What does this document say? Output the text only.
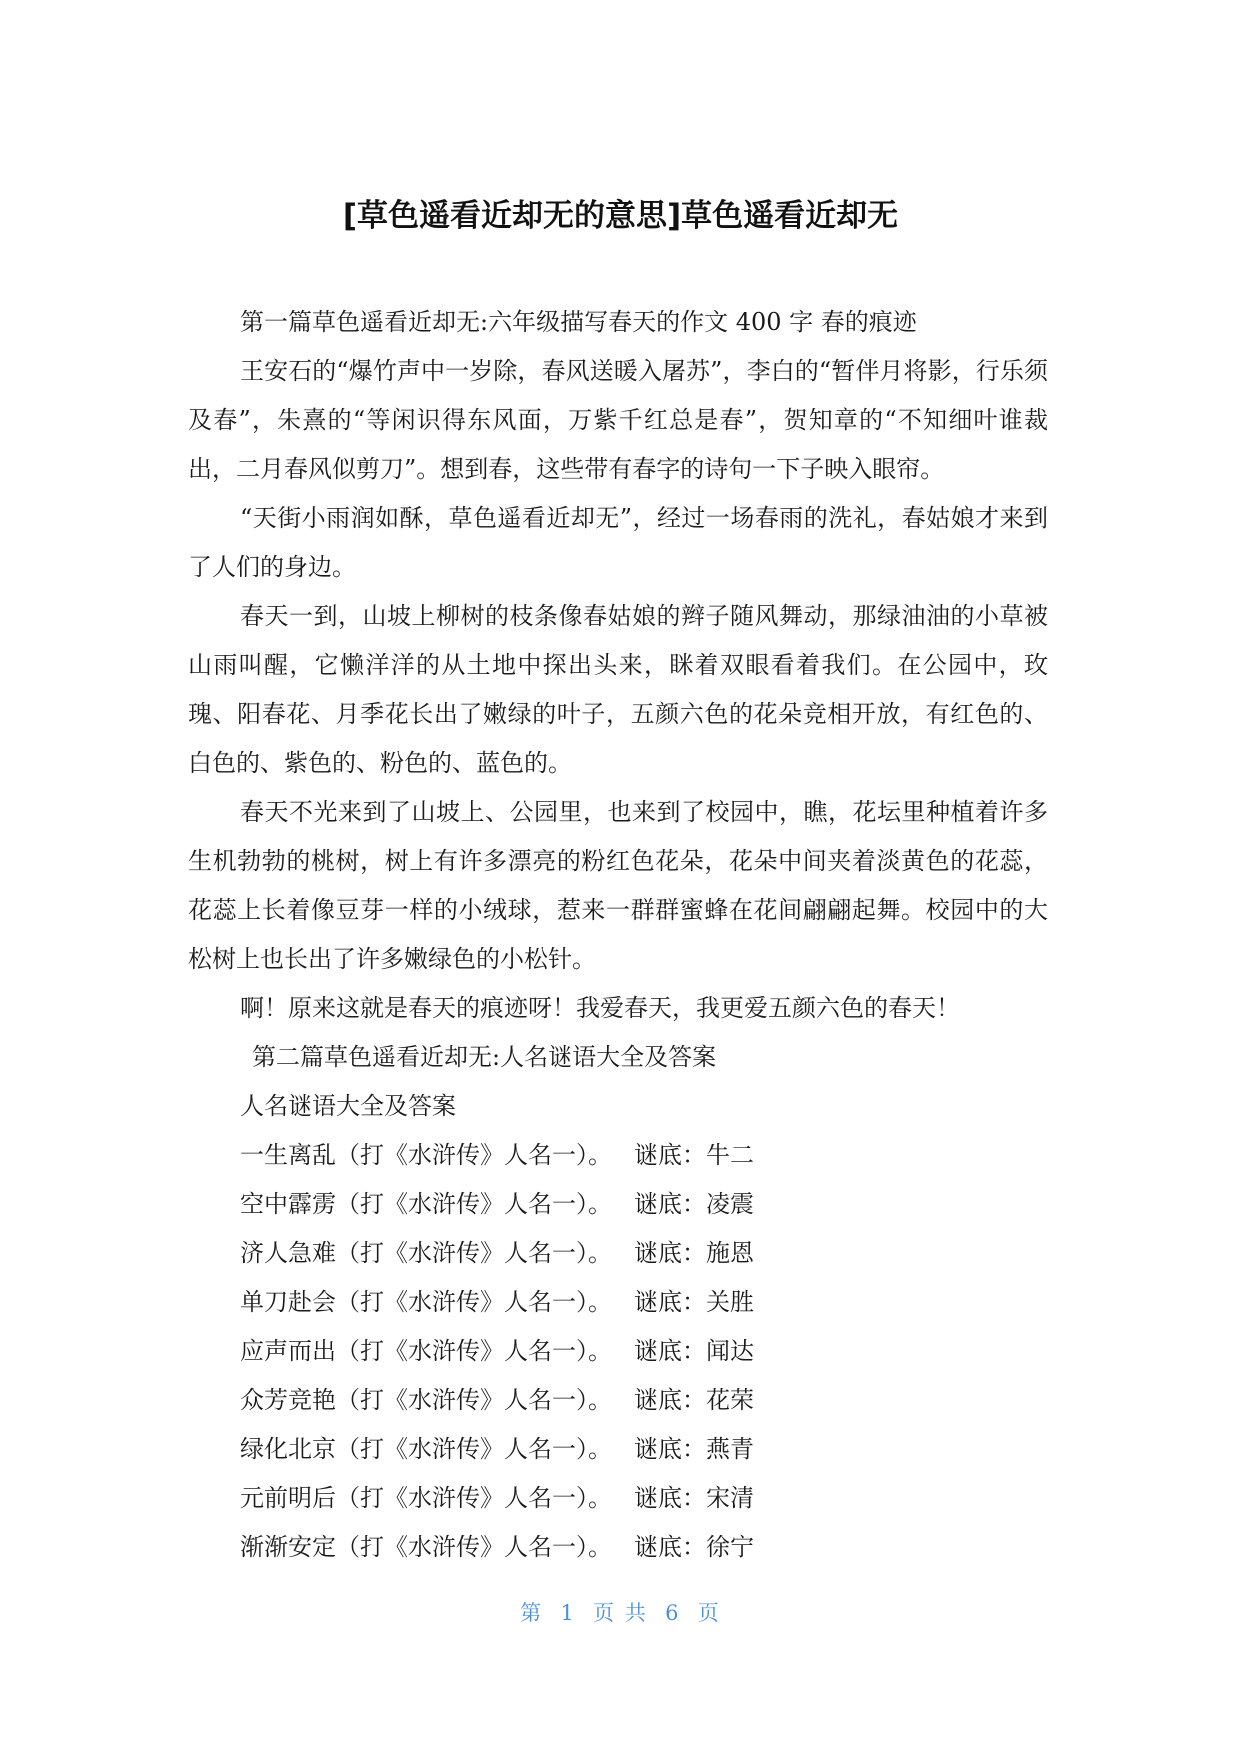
[草色遥看近却无的意思]草色遥看近却无

第一篇草色遥看近却无:六年级描写春天的作文 400 字 春的痕迹

王安石的“爆竹声中一岁除，春风送暖入屠苏”，李白的“暂伴月将影，行乐须及春”，朱熹的“等闲识得东风面，万紫千红总是春”，贺知章的“不知细叶谁裁出，二月春风似剪刀”。想到春，这些带有春字的诗句一下子映入眼帘。

“天街小雨润如酥，草色遥看近却无”，经过一场春雨的洗礼，春姑娘才来到了人们的身边。

春天一到，山坡上柳树的枝条像春姑娘的辫子随风舞动，那绿油油的小草被山雨叫醒，它懒洋洋的从土地中探出头来，眯着双眼看着我们。在公园中，玫瑰、阳春花、月季花长出了嫩绿的叶子，五颜六色的花朵竞相开放，有红色的、白色的、紫色的、粉色的、蓝色的。

春天不光来到了山坡上、公园里，也来到了校园中，瞧，花坛里种植着许多生机勃勃的桃树，树上有许多漂亮的粉红色花朵，花朵中间夹着淡黄色的花蕊，花蕊上长着像豆芽一样的小绒球，惹来一群群蜜蜂在花间翩翩起舞。校园中的大松树上也长出了许多嫩绿色的小松针。

啊！原来这就是春天的痕迹呀！我爱春天，我更爱五颜六色的春天！

第二篇草色遥看近却无:人名谜语大全及答案

人名谜语大全及答案

一生离乱（打《水浒传》人名一）。 谜底：牛二
空中霹雳（打《水浒传》人名一）。 谜底：凌震
济人急难（打《水浒传》人名一）。 谜底：施恩
单刀赴会（打《水浒传》人名一）。 谜底：关胜
应声而出（打《水浒传》人名一）。 谜底：闻达
众芳竞艳（打《水浒传》人名一）。 谜底：花荣
绿化北京（打《水浒传》人名一）。 谜底：燕青
元前明后（打《水浒传》人名一）。 谜底：宋清
渐渐安定（打《水浒传》人名一）。 谜底：徐宁
第  1  页 共  6  页
